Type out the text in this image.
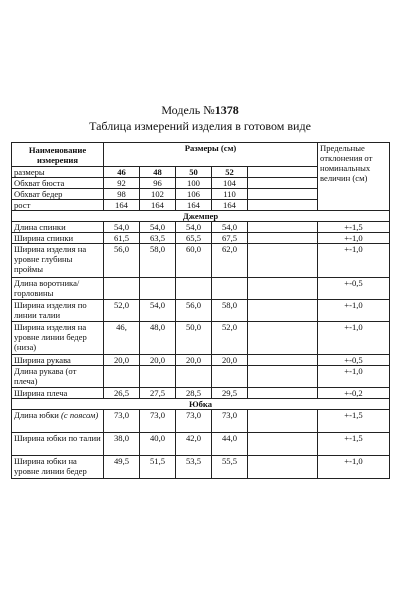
Модель №1378
Таблица измерений изделия в готовом виде
Наименование измерения	Размеры (см)					Предельные отклонения от номинальных величин (см)
размеры	46	48	50	52		
Обхват бюста	92	96	100	104		
Обхват бедер	98	102	106	110		
рост	164	164	164	164		
Джемпер						
Длина спинки	54,0	54,0	54,0	54,0		+-1,5
Ширина спинки	61,5	63,5	65,5	67,5		+-1,0
Ширина изделия на уровне глубины проймы	56,0	58,0	60,0	62,0		+-1,0
Длина воротника/горловины						+-0,5
Ширина изделия по линии талии	52,0	54,0	56,0	58,0		+-1,0
Ширина изделия на уровне линии бедер (низа)	46,	48,0	50,0	52,0		+-1,0
Ширина рукава	20,0	20,0	20,0	20,0		+-0,5
Длина рукава (от плеча)						+-1,0
Ширина плеча	26,5	27,5	28,5	29,5		+-0,2
Юбка						
Длина юбки (с поясом)	73,0	73,0	73,0	73,0		+-1,5
Ширина юбки по талии	38,0	40,0	42,0	44,0		+-1,5
Ширина юбки на уровне линии бедер	49,5	51,5	53,5	55,5		+-1,0
